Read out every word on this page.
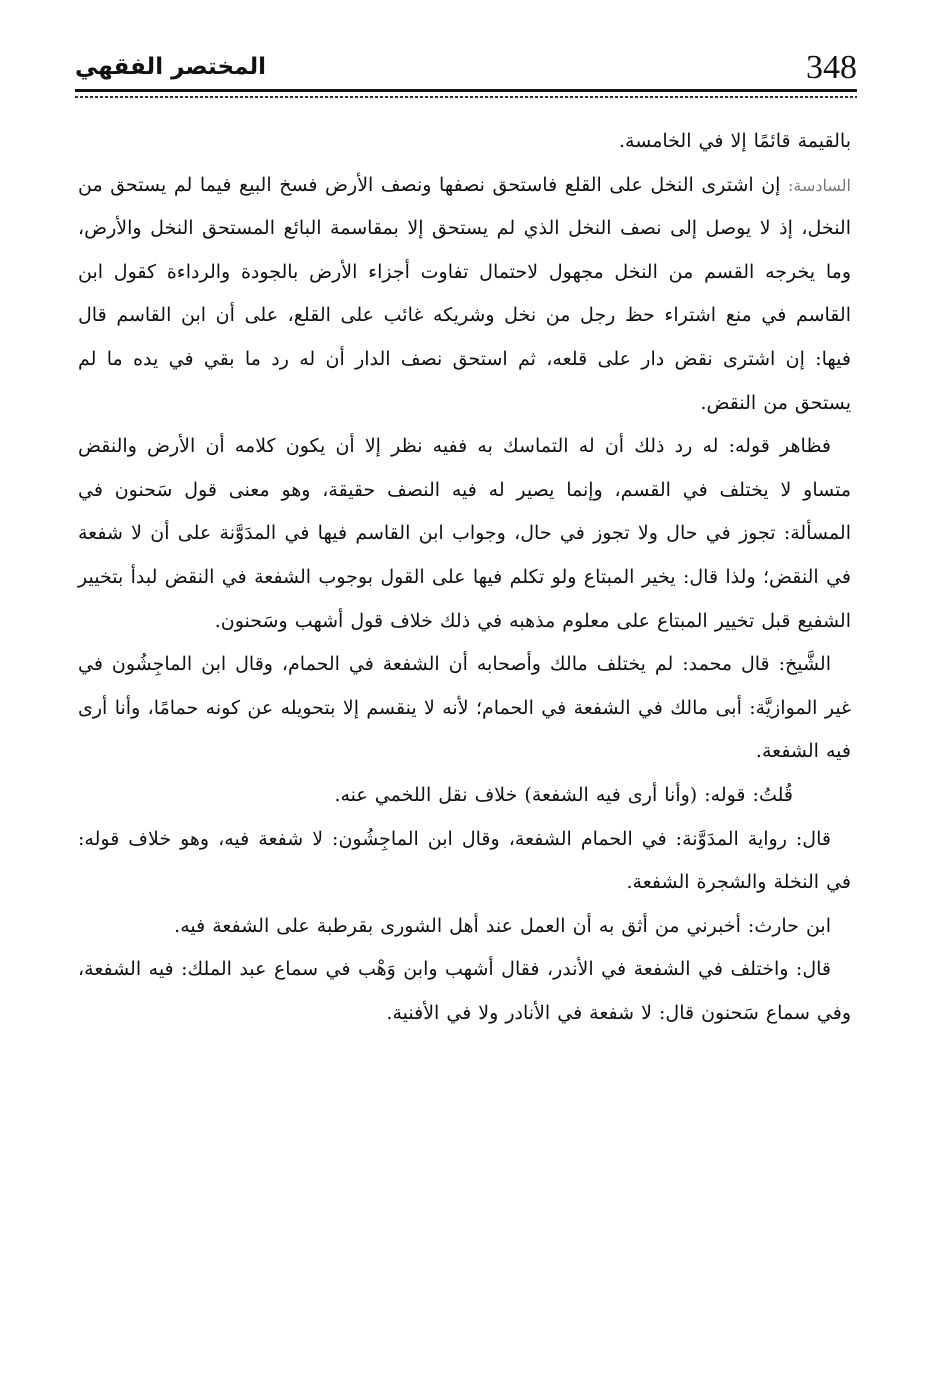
348
المختصر الفقهي

بالقيمة قائمًا إلا في الخامسة.

السادسة: إن اشترى النخل على القلع فاستحق نصفها ونصف الأرض فسخ البيع فيما لم يستحق من النخل، إذ لا يوصل إلى نصف النخل الذي لم يستحق إلا بمقاسمة البائع المستحق النخل والأرض، وما يخرجه القسم من النخل مجهول لاحتمال تفاوت أجزاء الأرض بالجودة والرداءة كقول ابن القاسم في منع اشتراء حظ رجل من نخل وشريكه غائب على القلع، على أن ابن القاسم قال فيها: إن اشترى نقض دار على قلعه، ثم استحق نصف الدار أن له رد ما بقي في يده ما لم يستحق من النقض.

فظاهر قوله: له رد ذلك أن له التماسك به ففيه نظر إلا أن يكون كلامه أن الأرض والنقض متساو لا يختلف في القسم، وإنما يصير له فيه النصف حقيقة، وهو معنى قول سَحنون في المسألة: تجوز في حال ولا تجوز في حال، وجواب ابن القاسم فيها في المدَوَّنة على أن لا شفعة في النقض؛ ولذا قال: يخير المبتاع ولو تكلم فيها على القول بوجوب الشفعة في النقض لبدأ بتخيير الشفيع قبل تخيير المبتاع على معلوم مذهبه في ذلك خلاف قول أشهب وسَحنون.

الشَّيخ: قال محمد: لم يختلف مالك وأصحابه أن الشفعة في الحمام، وقال ابن الماجِشُون في غير الموازيَّة: أبى مالك في الشفعة في الحمام؛ لأنه لا ينقسم إلا بتحويله عن كونه حمامًا، وأنا أرى فيه الشفعة.

قُلتُ: قوله: (وأنا أرى فيه الشفعة) خلاف نقل اللخمي عنه.

قال: رواية المدَوَّنة: في الحمام الشفعة، وقال ابن الماجِشُون: لا شفعة فيه، وهو خلاف قوله: في النخلة والشجرة الشفعة.

ابن حارث: أخبرني من أثق به أن العمل عند أهل الشورى بقرطبة على الشفعة فيه.

قال: واختلف في الشفعة في الأندر، فقال أشهب وابن وَهْب في سماع عبد الملك: فيه الشفعة، وفي سماع سَحنون قال: لا شفعة في الأنادر ولا في الأفنية.
